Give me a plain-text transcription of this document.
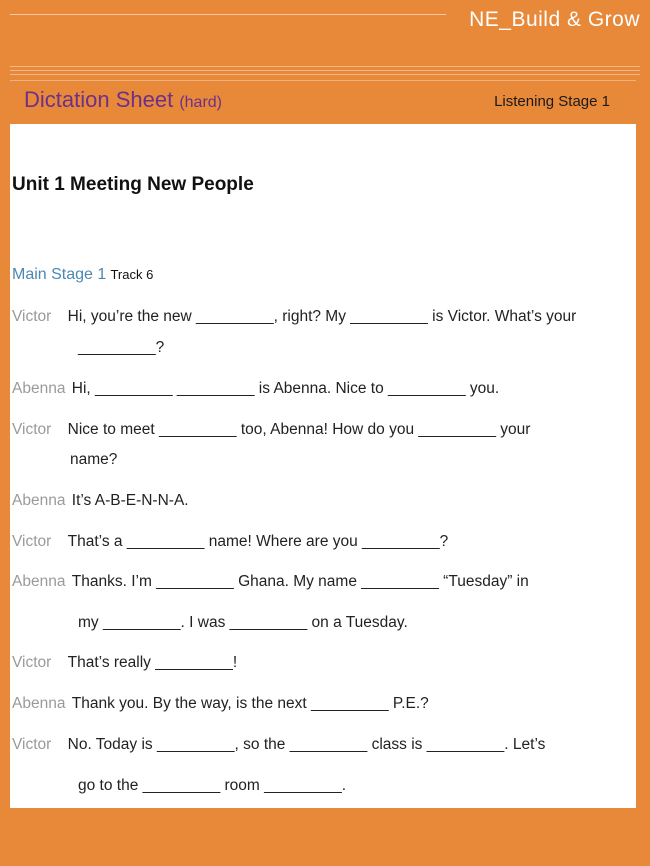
NE_Build & Grow
Dictation Sheet (hard)	Listening Stage 1
Unit 1 Meeting New People
Main Stage 1 Track 6
Victor Hi, you’re the new _________, right? My _________ is Victor. What’s your
_________?
Abenna Hi, _________ _________ is Abenna. Nice to _________ you.
Victor Nice to meet _________ too, Abenna! How do you _________ your
name?
Abenna It’s A-B-E-N-N-A.
Victor That’s a _________ name! Where are you _________?
Abenna Thanks. I’m _________ Ghana. My name _________ “Tuesday” in
my _________. I was _________ on a Tuesday.
Victor That’s really _________!
Abenna Thank you. By the way, is the next _________ P.E.?
Victor No. Today is _________, so the _________ class is _________. Let’s
go to the _________ room _________.
